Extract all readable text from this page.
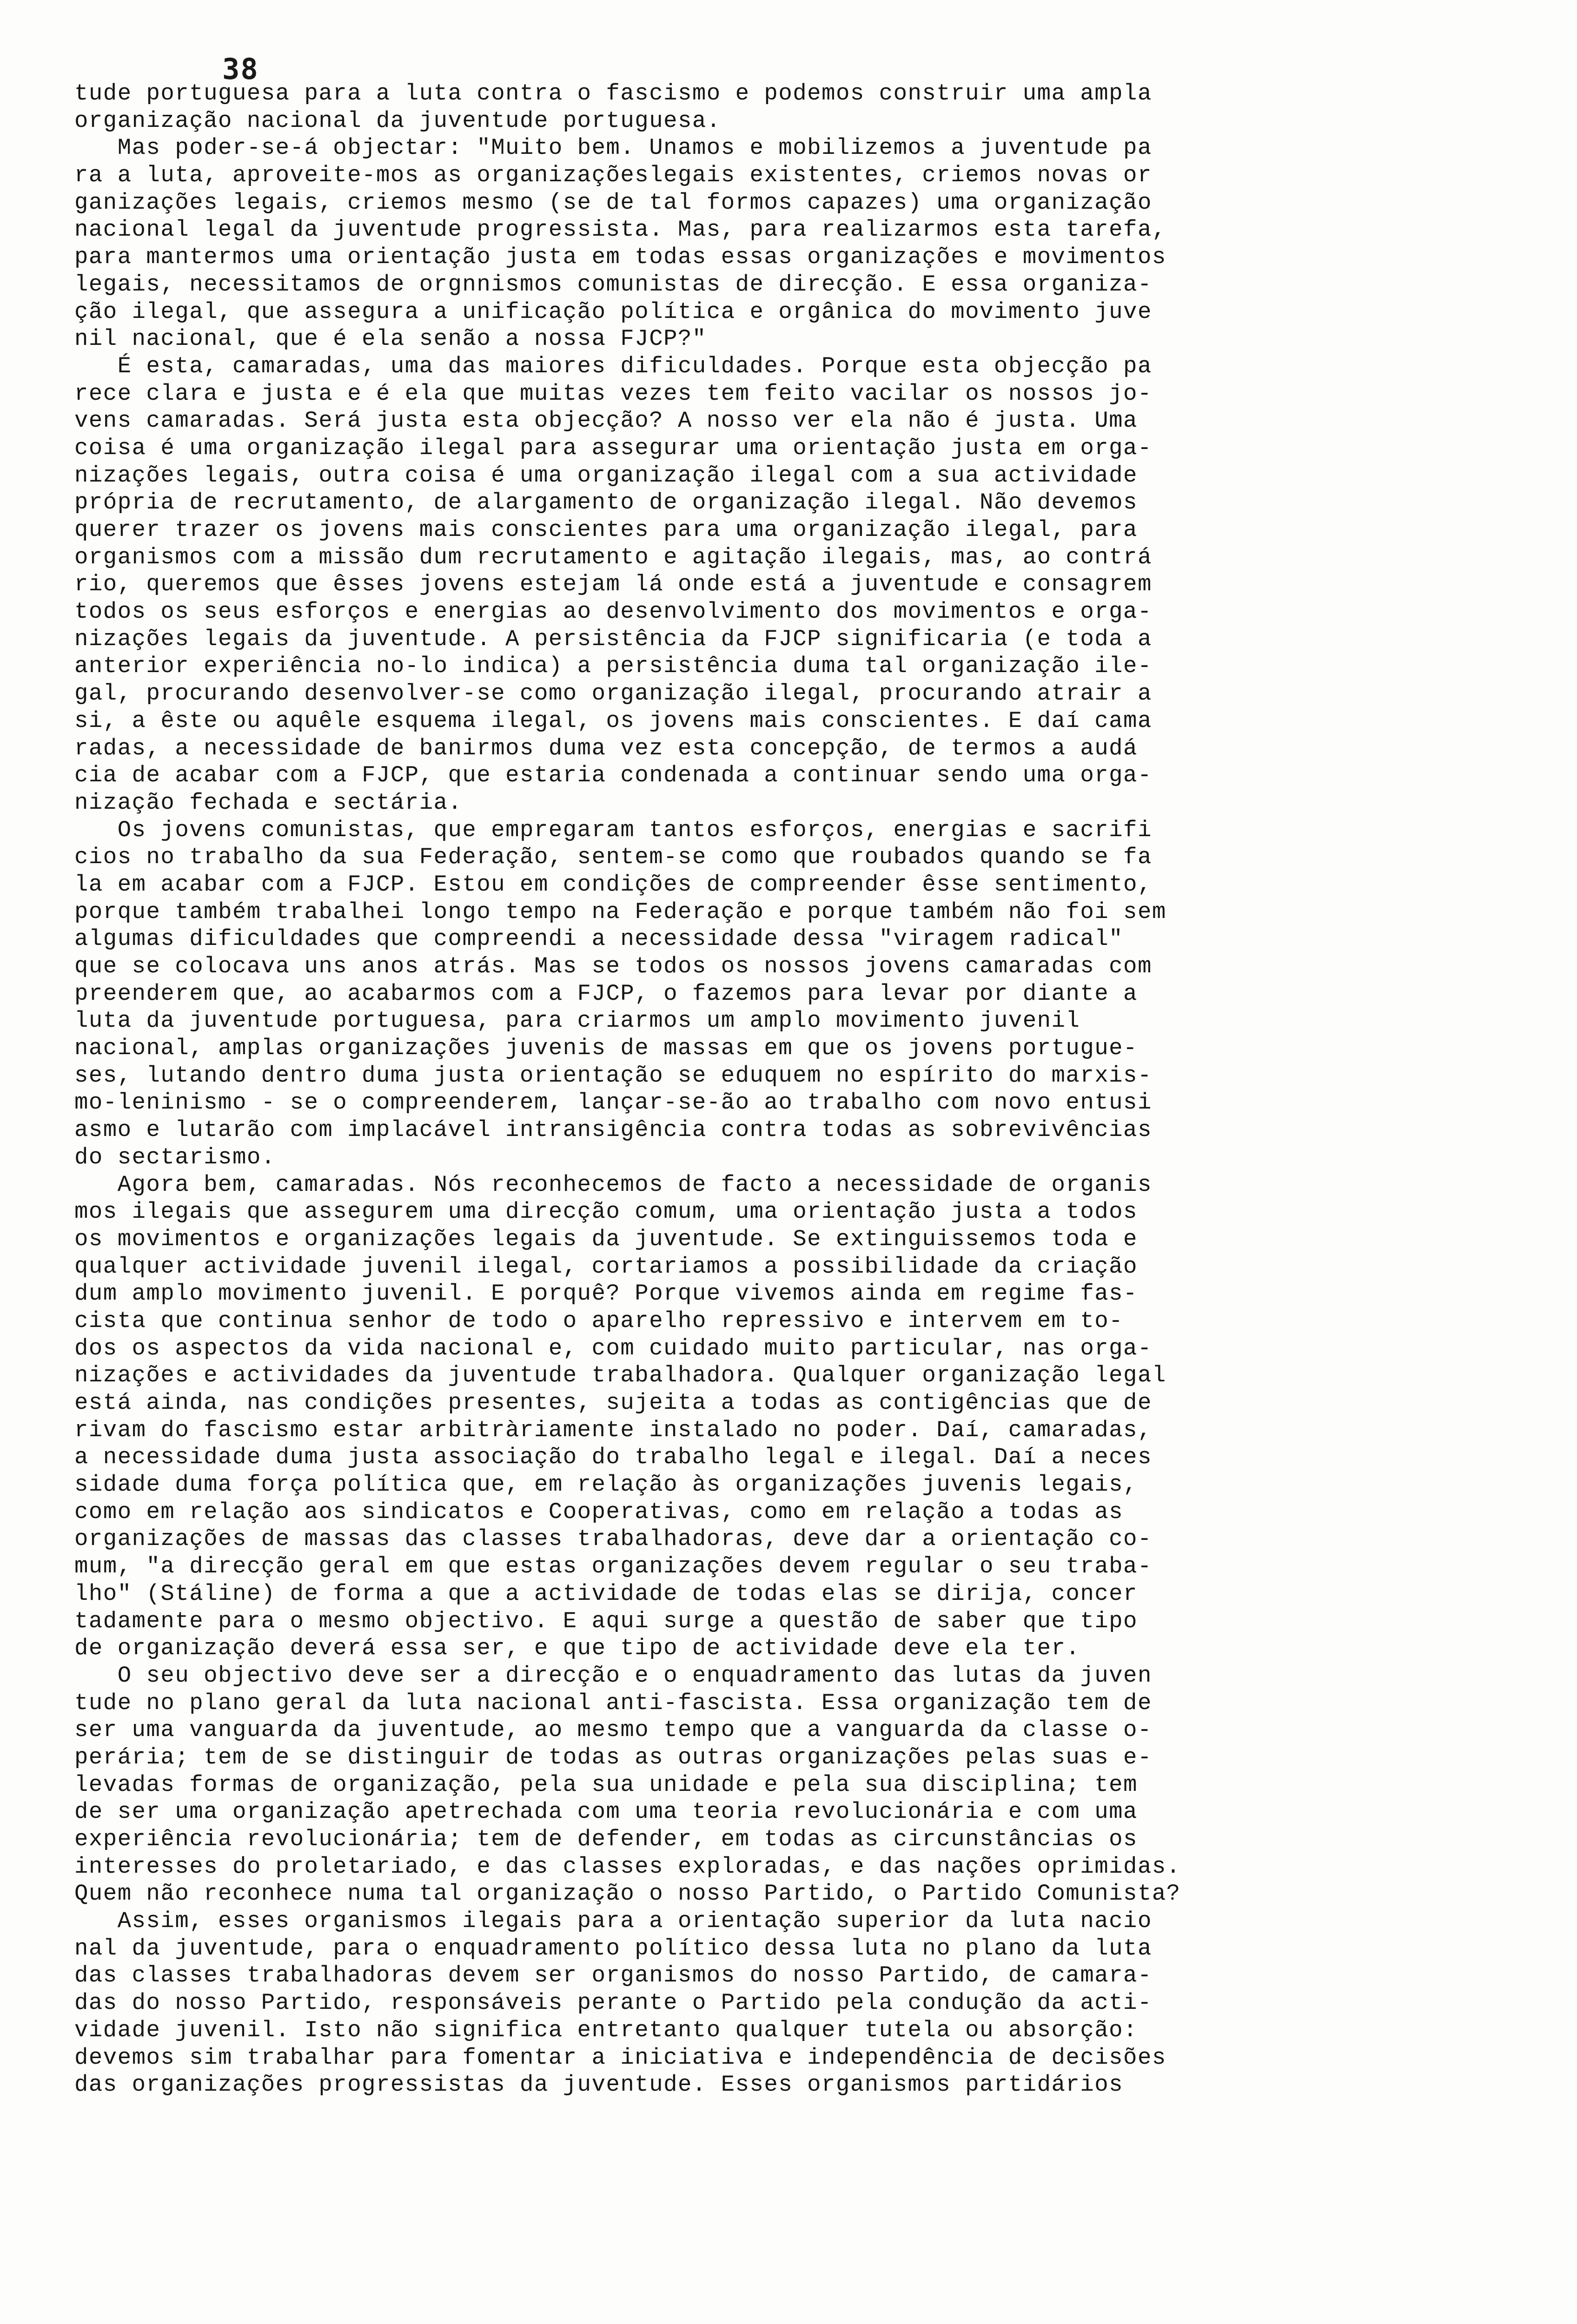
38
tude portuguesa para a luta contra o fascismo e podemos construir uma ampla
organização nacional da juventude portuguesa.
Mas poder-se-á objectar: "Muito bem. Unamos e mobilizemos a juventude pa
ra a luta, aproveite-mos as organizaçõeslegais existentes, criemos novas or
ganizações legais, criemos mesmo (se de tal formos capazes) uma organização
nacional legal da juventude progressista. Mas, para realizarmos esta tarefa,
para mantermos uma orientação justa em todas essas organizações e movimentos
legais, necessitamos de orgnnismos comunistas de direcção. E essa organiza-
ção ilegal, que assegura a unificação política e orgânica do movimento juve
nil nacional, que é ela senão a nossa FJCP?"
É esta, camaradas, uma das maiores dificuldades. Porque esta objecção pa
rece clara e justa e é ela que muitas vezes tem feito vacilar os nossos jo-
vens camaradas. Será justa esta objecção? A nosso ver ela não é justa. Uma
coisa é uma organização ilegal para assegurar uma orientação justa em orga-
nizações legais, outra coisa é uma organização ilegal com a sua actividade
própria de recrutamento, de alargamento de organização ilegal. Não devemos
querer trazer os jovens mais conscientes para uma organização ilegal, para
organismos com a missão dum recrutamento e agitação ilegais, mas, ao contrá
rio, queremos que êsses jovens estejam lá onde está a juventude e consagrem
todos os seus esforços e energias ao desenvolvimento dos movimentos e orga-
nizações legais da juventude. A persistência da FJCP significaria (e toda a
anterior experiência no-lo indica) a persistência duma tal organização ile-
gal, procurando desenvolver-se como organização ilegal, procurando atrair a
si, a êste ou aquêle esquema ilegal, os jovens mais conscientes. E daí cama
radas, a necessidade de banirmos duma vez esta concepção, de termos a audá
cia de acabar com a FJCP, que estaria condenada a continuar sendo uma orga-
nização fechada e sectária.
Os jovens comunistas, que empregaram tantos esforços, energias e sacrifi
cios no trabalho da sua Federação, sentem-se como que roubados quando se fa
la em acabar com a FJCP. Estou em condições de compreender êsse sentimento,
porque também trabalhei longo tempo na Federação e porque também não foi sem
algumas dificuldades que compreendi a necessidade dessa "viragem radical"
que se colocava uns anos atrás. Mas se todos os nossos jovens camaradas com
preenderem que, ao acabarmos com a FJCP, o fazemos para levar por diante a
luta da juventude portuguesa, para criarmos um amplo movimento juvenil
nacional, amplas organizações juvenis de massas em que os jovens portugue-
ses, lutando dentro duma justa orientação se eduquem no espírito do marxis-
mo-leninismo - se o compreenderem, lançar-se-ão ao trabalho com novo entusi
asmo e lutarão com implacável intransigência contra todas as sobrevivências
do sectarismo.
Agora bem, camaradas. Nós reconhecemos de facto a necessidade de organis
mos ilegais que assegurem uma direcção comum, uma orientação justa a todos
os movimentos e organizações legais da juventude. Se extinguissemos toda e
qualquer actividade juvenil ilegal, cortariamos a possibilidade da criação
dum amplo movimento juvenil. E porquê? Porque vivemos ainda em regime fas-
cista que continua senhor de todo o aparelho repressivo e intervem em to-
dos os aspectos da vida nacional e, com cuidado muito particular, nas orga-
nizações e actividades da juventude trabalhadora. Qualquer organização legal
está ainda, nas condições presentes, sujeita a todas as contigências que de
rivam do fascismo estar arbitràriamente instalado no poder. Daí, camaradas,
a necessidade duma justa associação do trabalho legal e ilegal. Daí a neces
sidade duma força política que, em relação às organizações juvenis legais,
como em relação aos sindicatos e Cooperativas, como em relação a todas as
organizações de massas das classes trabalhadoras, deve dar a orientação co-
mum, "a direcção geral em que estas organizações devem regular o seu traba-
lho" (Stáline) de forma a que a actividade de todas elas se dirija, concer
tadamente para o mesmo objectivo. E aqui surge a questão de saber que tipo
de organização deverá essa ser, e que tipo de actividade deve ela ter.
O seu objectivo deve ser a direcção e o enquadramento das lutas da juven
tude no plano geral da luta nacional anti-fascista. Essa organização tem de
ser uma vanguarda da juventude, ao mesmo tempo que a vanguarda da classe o-
perária; tem de se distinguir de todas as outras organizações pelas suas e-
levadas formas de organização, pela sua unidade e pela sua disciplina; tem
de ser uma organização apetrechada com uma teoria revolucionária e com uma
experiência revolucionária; tem de defender, em todas as circunstâncias os
interesses do proletariado, e das classes exploradas, e das nações oprimidas.
Quem não reconhece numa tal organização o nosso Partido, o Partido Comunista?
Assim, esses organismos ilegais para a orientação superior da luta nacio
nal da juventude, para o enquadramento político dessa luta no plano da luta
das classes trabalhadoras devem ser organismos do nosso Partido, de camara-
das do nosso Partido, responsáveis perante o Partido pela condução da acti-
vidade juvenil. Isto não significa entretanto qualquer tutela ou absorção:
devemos sim trabalhar para fomentar a iniciativa e independência de decisões
das organizações progressistas da juventude. Esses organismos partidários
